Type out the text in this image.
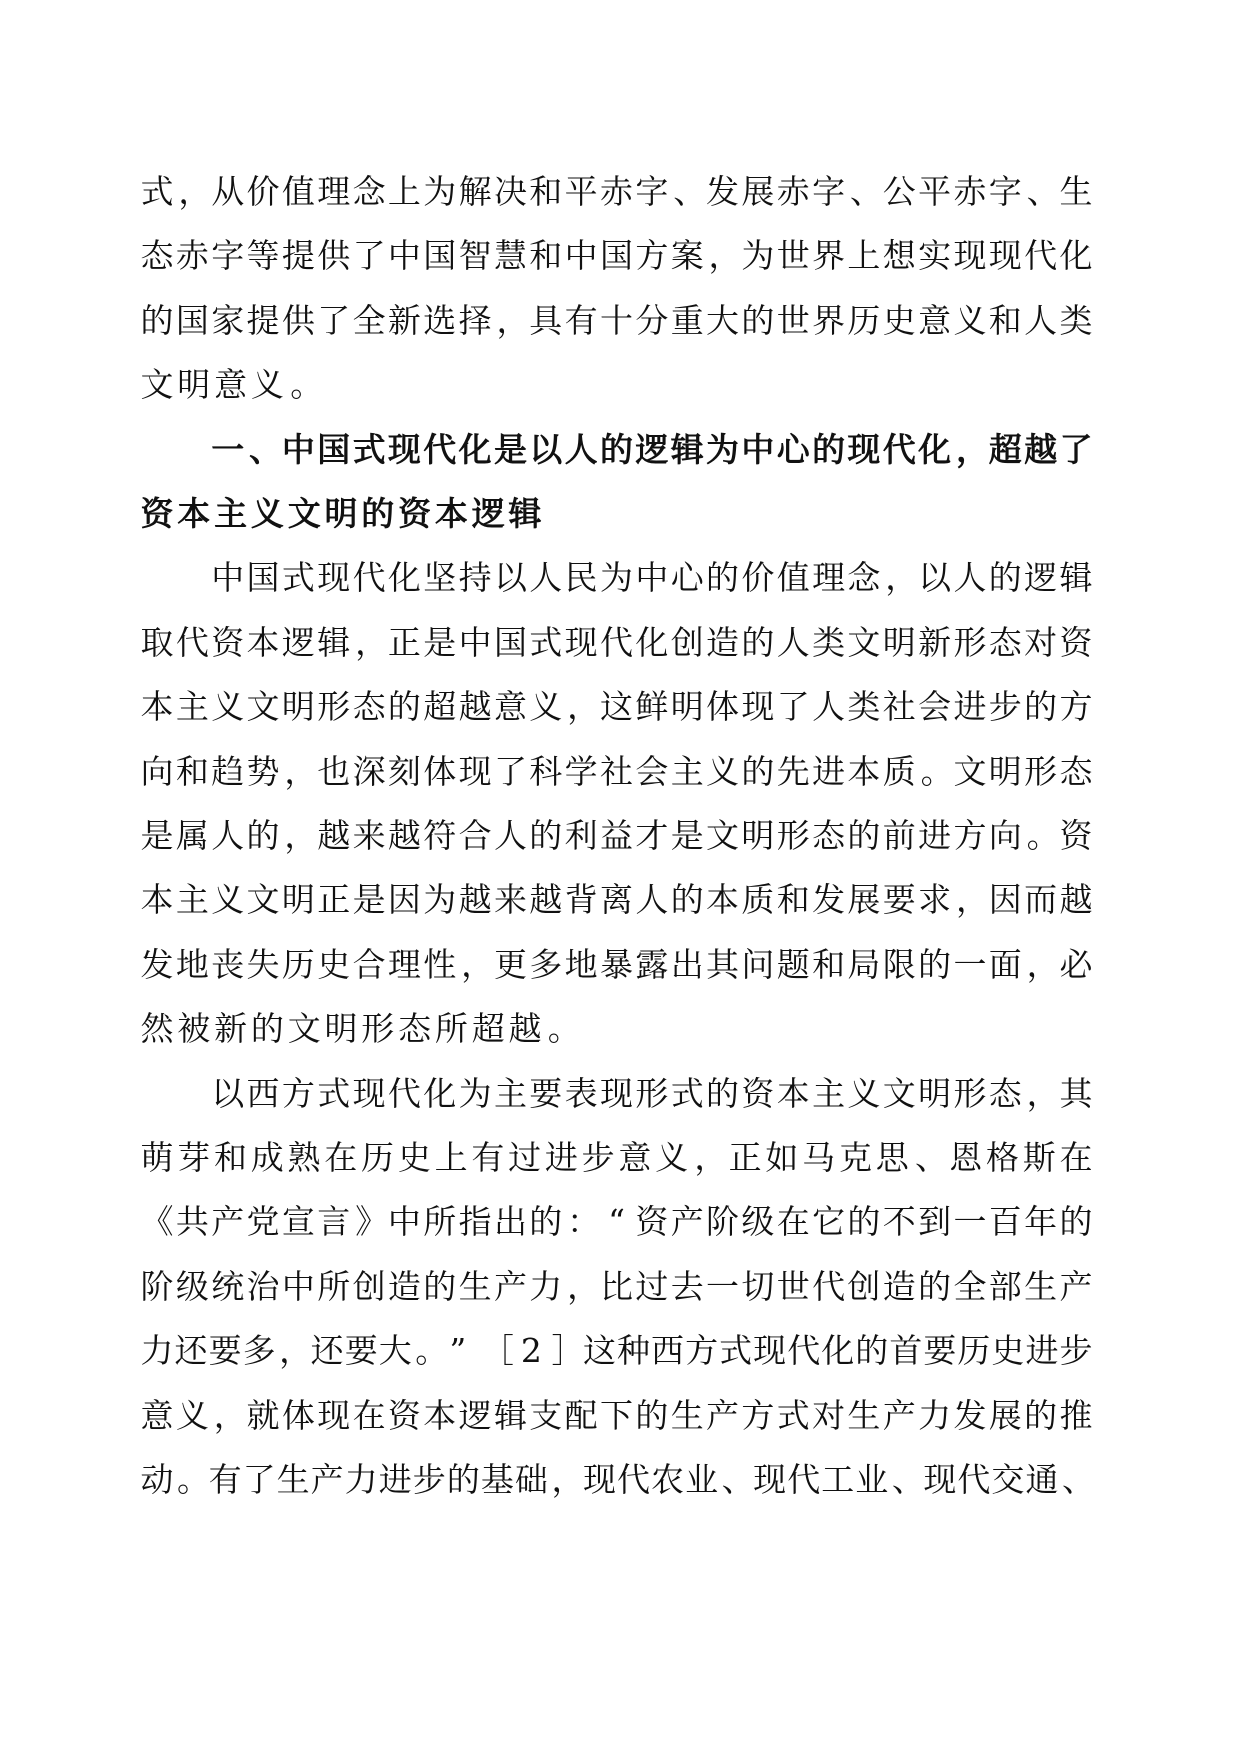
式 ， 从 价 值 理 念 上 为 解 决 和 平 赤 字 、 发 展 赤 字 、 公 平 赤 字 、 生
态 赤 字 等 提 供 了 中 国 智 慧 和 中 国 方 案 ， 为 世 界 上 想 实 现 现 代 化
的 国 家 提 供 了 全 新 选 择 ， 具 有 十 分 重 大 的 世 界 历 史 意 义 和 人 类
文 明 意 义 。
一 、 中 国 式 现 代 化 是 以 人 的 逻 辑 为 中 心 的 现 代 化 ， 超 越 了
资 本 主 义 文 明 的 资 本 逻 辑
中 国 式 现 代 化 坚 持 以 人 民 为 中 心 的 价 值 理 念 ， 以 人 的 逻 辑
取 代 资 本 逻 辑 ， 正 是 中 国 式 现 代 化 创 造 的 人 类 文 明 新 形 态 对 资
本 主 义 文 明 形 态 的 超 越 意 义 ， 这 鲜 明 体 现 了 人 类 社 会 进 步 的 方
向 和 趋 势 ， 也 深 刻 体 现 了 科 学 社 会 主 义 的 先 进 本 质 。 文 明 形 态
是 属 人 的 ， 越 来 越 符 合 人 的 利 益 才 是 文 明 形 态 的 前 进 方 向 。 资
本 主 义 文 明 正 是 因 为 越 来 越 背 离 人 的 本 质 和 发 展 要 求 ， 因 而 越
发 地 丧 失 历 史 合 理 性 ， 更 多 地 暴 露 出 其 问 题 和 局 限 的 一 面 ， 必
然 被 新 的 文 明 形 态 所 超 越 。
以 西 方 式 现 代 化 为 主 要 表 现 形 式 的 资 本 主 义 文 明 形 态 ， 其
萌 芽 和 成 熟 在 历 史 上 有 过 进 步 意 义 ， 正 如 马 克 思 、 恩 格 斯 在
《 共 产 党 宣 言 》 中 所 指 出 的 ： “ 资 产 阶 级 在 它 的 不 到 一 百 年 的
阶 级 统 治 中 所 创 造 的 生 产 力 ， 比 过 去 一 切 世 代 创 造 的 全 部 生 产
力 还 要 多 ，
还 要 大 。 ” ［ 2 ］
这 种 西 方 式 现 代 化 的 首 要 历 史 进 步
意 义 ， 就 体 现 在 资 本 逻 辑 支 配 下 的 生 产 方 式 对 生 产 力 发 展 的 推
动 。
有 了 生 产 力 进 步 的 基 础 ，
现 代 农 业 、
现 代 工 业 、
现 代 交 通 、
